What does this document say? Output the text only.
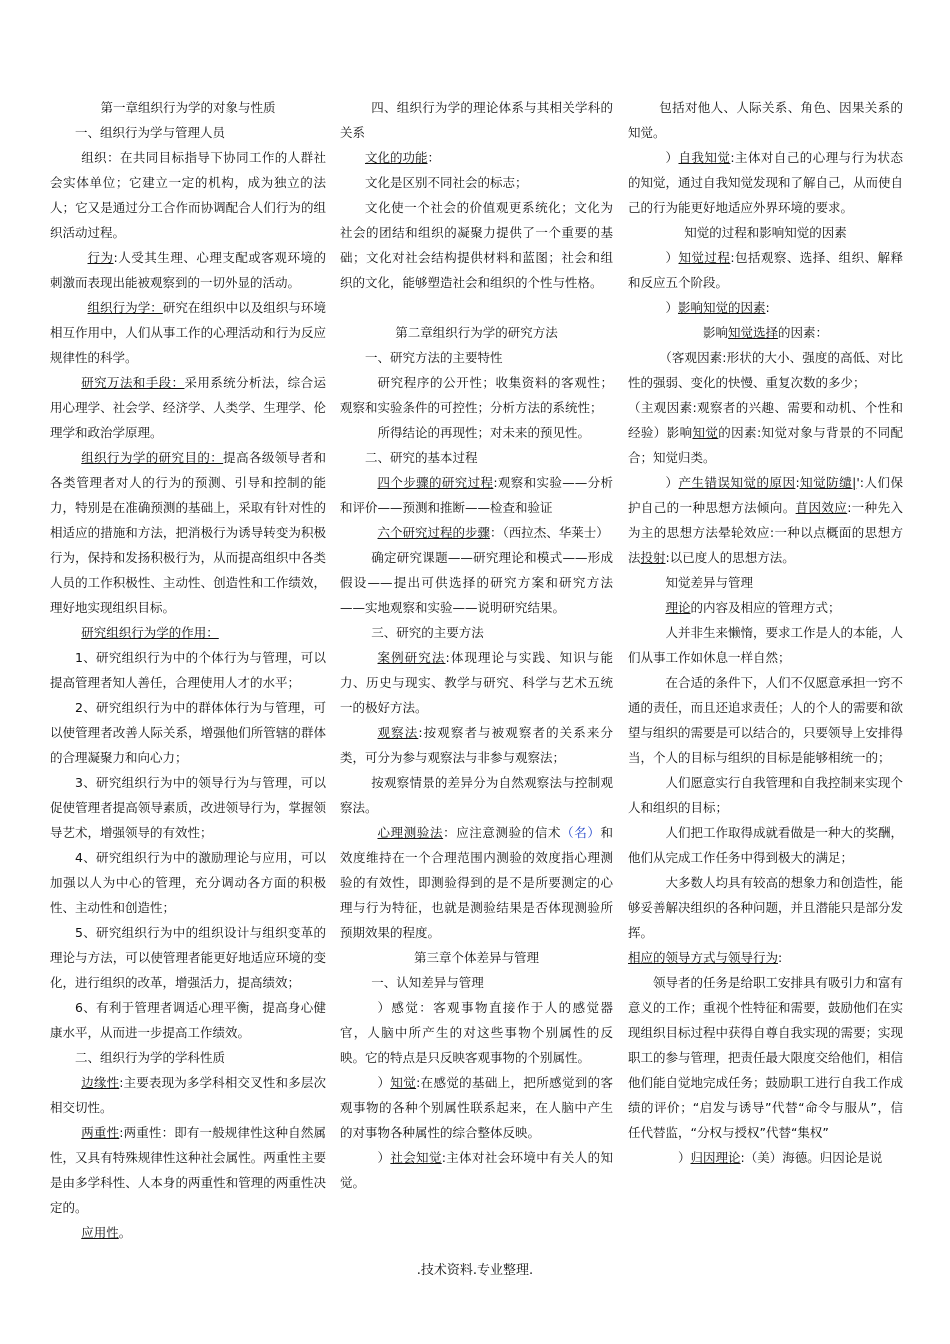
第一章组织行为学的对象与性质

一、组织行为学与管理人员

组织：在共同目标指导下协同工作的人群社会实体单位；它建立一定的机构，成为独立的法人；它又是通过分工合作而协调配合人们行为的组织活动过程。

行为:人受其生理、心理支配或客观环境的刺激而表现出能被观察到的一切外显的活动。

组织行为学：研究在组织中以及组织与环境相互作用中，人们从事工作的心理活动和行为反应规律性的科学。

研究万法和手段：采用系统分析法，综合运用心理学、社会学、经济学、人类学、生理学、伦理学和政治学原理。

组织行为学的研究目的：提高各级领导者和各类管理者对人的行为的预测、引导和控制的能力，特别是在准确预测的基础上，采取有针对性的相适应的措施和方法，把消极行为诱导转变为积极行为，保持和发扬积极行为，从而提高组织中各类人员的工作积极性、主动性、创造性和工作绩效，理好地实现组织目标。

研究组织行为学的作用：

1、研究组织行为中的个体行为与管理，可以提高管理者知人善任，合理使用人才的水平；

2、研究组织行为中的群体体行为与管理，可以使管理者改善人际关系，增强他们所管辖的群体的合理凝聚力和向心力；

3、研究组织行为中的领导行为与管理，可以促使管理者提高领导素质，改进领导行为，掌握领导艺术，增强领导的有效性；

4、研究组织行为中的激励理论与应用，可以加强以人为中心的管理，充分调动各方面的积极性、主动性和创造性；

5、研究组织行为中的组织设计与组织变革的理论与方法，可以使管理者能更好地适应环境的变化，进行组织的改革，增强活力，提高绩效；

6、有利于管理者调适心理平衡，提高身心健康水平，从而进一步提高工作绩效。

二、组织行为学的学科性质

边缘性:主要表现为多学科相交叉性和多层次相交切性。

两重性:两重性：即有一般规律性这种自然属性，又具有特殊规律性这种社会属性。两重性主要是由多学科性、人本身的两重性和管理的两重性决定的。

应用性。

四、组织行为学的理论体系与其相关学科的关系

文化的功能：

文化是区别不同社会的标志；

文化使一个社会的价值观更系统化；文化为社会的团结和组织的凝聚力提供了一个重要的基础；文化对社会结构提供材料和蓝图；社会和组织的文化，能够塑造社会和组织的个性与性格。

第二章组织行为学的研究方法

一、研究方法的主要特性

研究程序的公开性；收集资料的客观性；观察和实验条件的可控性；分析方法的系统性；

所得结论的再现性；对未来的预见性。

二、研究的基本过程

四个步骤的研究过程:观察和实验——分析和评价——预测和推断——检查和验证

六个研究过程的步骤：（西拉杰、华莱士）

确定研究课题——研究理论和模式——形成假设——提出可供选择的研究方案和研究方法——实地观察和实验——说明研究结果。

三、研究的主要方法

案例研究法:体现理论与实践、知识与能力、历史与现实、教学与研究、科学与艺术五统一的极好方法。

观察法:按观察者与被观察者的关系来分类，可分为参与观察法与非参与观察法；

按观察情景的差异分为自然观察法与控制观察法。

心理测验法：应注意测验的信术（名）和效度维持在一个合理范围内测验的效度指心理测验的有效性，即测验得到的是不是所要测定的心理与行为特征，也就是测验结果是否体现测验所预期效果的程度。

第三章个体差异与管理

一、认知差异与管理

）感觉：客观事物直接作于人的感觉器官，人脑中所产生的对这些事物个别属性的反映。它的特点是只反映客观事物的个别属性。

）知觉:在感觉的基础上，把所感觉到的客观事物的各种个别属性联系起来，在人脑中产生的对事物各种属性的综合整体反映。

）社会知觉:主体对社会环境中有关人的知觉。

包括对他人、人际关系、角色、因果关系的知觉。

）自我知觉:主体对自己的心理与行为状态的知觉，通过自我知觉发现和了解自己，从而使自己的行为能更好地适应外界环境的要求。

知觉的过程和影响知觉的因素

）知觉过程:包括观察、选择、组织、解释和反应五个阶段。

）影响知觉的因素:

影响知觉选择的因素：

（客观因素:形状的大小、强度的高低、对比性的强弱、变化的快慢、重复次数的多少；

（主观因素:观察者的兴趣、需要和动机、个性和经验）影响知觉的因素:知觉对象与背景的不同配合；知觉归类。

）产生错误知觉的原因:知觉防缱|':人们保护自己的一种思想方法倾向。苜因效应:一种先入为主的思想方法晕轮效应:一种以点概面的思想方法投射:以已度人的思想方法。

知觉差异与管理

理论的内容及相应的管理方式；

人并非生来懒惰，要求工作是人的本能，人们从事工作如休息一样自然；

在合适的条件下，人们不仅愿意承担一窍不通的责任，而且还追求责任；人的个人的需要和欲望与组织的需要是可以结合的，只要领导上安排得当，个人的目标与组织的目标是能够相统一的；

人们愿意实行自我管理和自我控制来实现个人和组织的目标；

人们把工作取得成就看做是一种大的奖酬，他们从完成工作任务中得到极大的满足；

大多数人均具有较高的想象力和创造性，能够妥善解决组织的各种问题，并且潜能只是部分发挥。

相应的领导方式与领导行为:

领导者的任务是给职工安排具有吸引力和富有意义的工作；重视个性特征和需要，鼓励他们在实现组织目标过程中获得自尊自我实现的需要；实现职工的参与管理，把责任最大限度交给他们，相信他们能自觉地完成任务；鼓励职工进行自我工作成绩的评价；“启发与诱导”代替“命令与服从”，信任代替监，“分权与授权”代替“集权”

）归因理论:（美）海德。归因论是说

.技术资料.专业整理.
